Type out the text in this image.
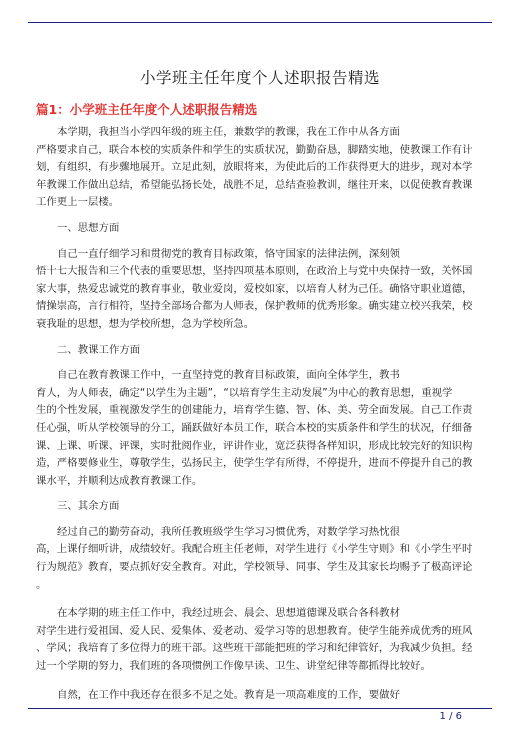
小学班主任年度个人述职报告精选
篇1：小学班主任年度个人述职报告精选

本学期，我担当小学四年级的班主任，兼数学的教课，我在工作中从各方面

严格要求自己，联合本校的实质条件和学生的实质状况，勤勤奋恳，脚踏实地，使教课工作有计

划，有组织，有步骤地展开。立足此刻，放眼将来，为使此后的工作获得更大的进步，现对本学

年教课工作做出总结，希望能弘扬长处，战胜不足，总结查验教训，继往开来，以促使教育教课

工作更上一层楼。

一、思想方面

自己一直仔细学习和贯彻党的教育目标政策，恪守国家的法律法例，深刻领

悟十七大报告和三个代表的重要思想，坚持四项基本原则，在政治上与党中央保持一致，关怀国

家大事，热爱忠诚党的教育事业，敬业爱岗，爱校如家，以培育人材为己任。确恪守职业道德，

情操崇高，言行相符，坚持全部场合都为人师表，保护教师的优秀形象。确实建立校兴我荣，校

衰我耻的思想，想为学校所想，急为学校所急。

二、教课工作方面

自己在教育教课工作中，一直坚持党的教育目标政策，面向全体学生，教书

育人，为人师表，确定“以学生为主题”，“以培育学生主动发展”为中心的教育思想，重视学

生的个性发展，重视激发学生的创建能力，培育学生德、智、体、美、劳全面发展。自己工作责

任心强，听从学校领导的分工，踊跃做好本员工作，联合本校的实质条件和学生的状况，仔细备

课、上课、听课、评课，实时批阅作业，评讲作业，宽泛获得各样知识，形成比较完好的知识构

造，严格要修业生，尊敬学生，弘扬民主，使学生学有所得，不停提升，进而不停提升自己的教

课水平，并顺利达成教育教课工作。

三、其余方面

经过自己的勤劳奋动，我所任教班级学生学习习惯优秀，对数学学习热忱很

高，上课仔细听讲，成绩较好。我配合班主任老师，对学生进行《小学生守则》和《小学生平时

行为规范》教育，要点抓好安全教育。对此，学校领导、同事、学生及其家长均赐予了极高评论

。

在本学期的班主任工作中，我经过班会、晨会、思想道德课及联合各科教材

对学生进行爱祖国、爱人民、爱集体、爱老动、爱学习等的思想教育。使学生能养成优秀的班风

、学风；我培育了多位得力的班干部。这些班干部能把班的学习和纪律管好，为我减少负担。经

过一个学期的努力，我们班的各项惯例工作像早读、卫生、讲堂纪律等都抓得比较好。

自然，在工作中我还存在很多不足之处。教育是一项高难度的工作，要做好

1 / 6
